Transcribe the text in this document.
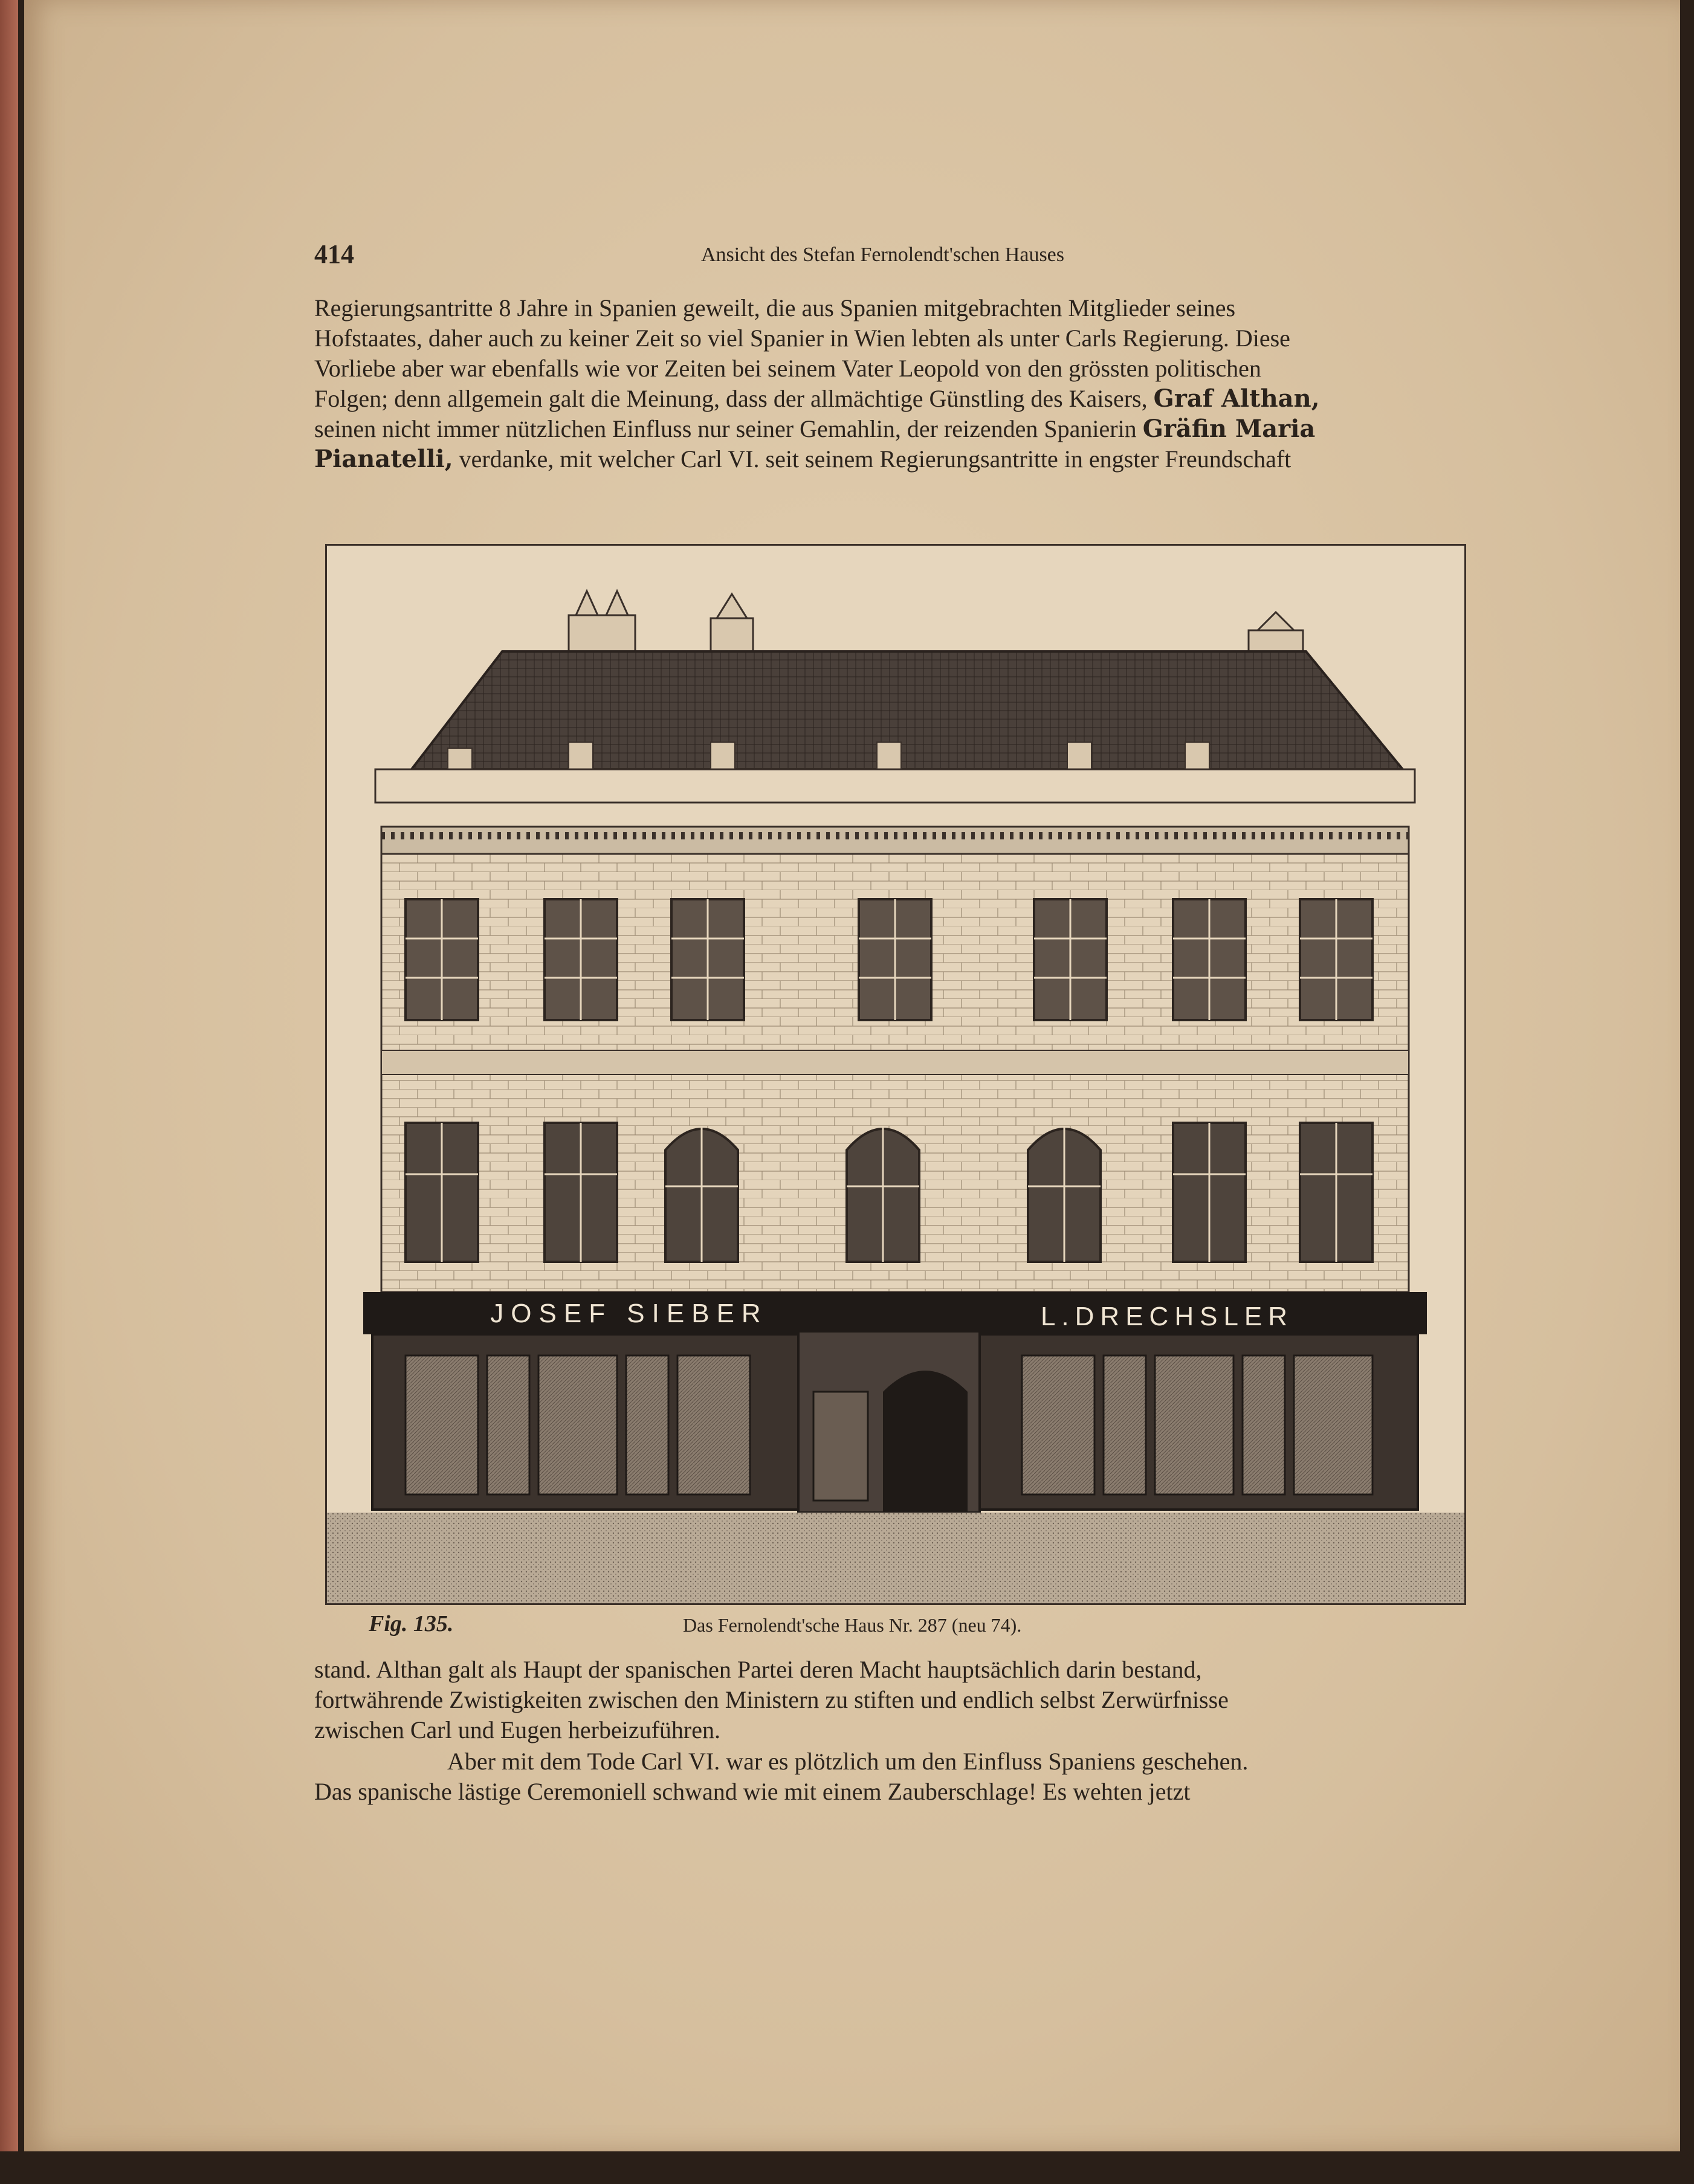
414	Ansicht des Stefan Fernolendt'schen Hauses

Regierungsantritte 8 Jahre in Spanien geweilt, die aus Spanien mitgebrachten Mitglieder seines

Hofstaates, daher auch zu keiner Zeit so viel Spanier in Wien lebten als unter Carls Regierung. Diese

Vorliebe aber war ebenfalls wie vor Zeiten bei seinem Vater Leopold von den grössten politischen

Folgen; denn allgemein galt die Meinung, dass der allmächtige Günstling des Kaisers, Graf Althan,

seinen nicht immer nützlichen Einfluss nur seiner Gemahlin, der reizenden Spanierin Gräfin Maria

Pianatelli, verdanke, mit welcher Carl VI. seit seinem Regierungsantritte in engster Freundschaft

JOSEF SIEBER	L.DRECHSLER
Fig. 135.	Das Fernolendt'sche Haus Nr. 287 (neu 74).

stand. Althan galt als Haupt der spanischen Partei deren Macht hauptsächlich darin bestand,

fortwährende Zwistigkeiten zwischen den Ministern zu stiften und endlich selbst Zerwürfnisse

zwischen Carl und Eugen herbeizuführen.

Aber mit dem Tode Carl VI. war es plötzlich um den Einfluss Spaniens geschehen.

Das spanische lästige Ceremoniell schwand wie mit einem Zauberschlage! Es wehten jetzt
